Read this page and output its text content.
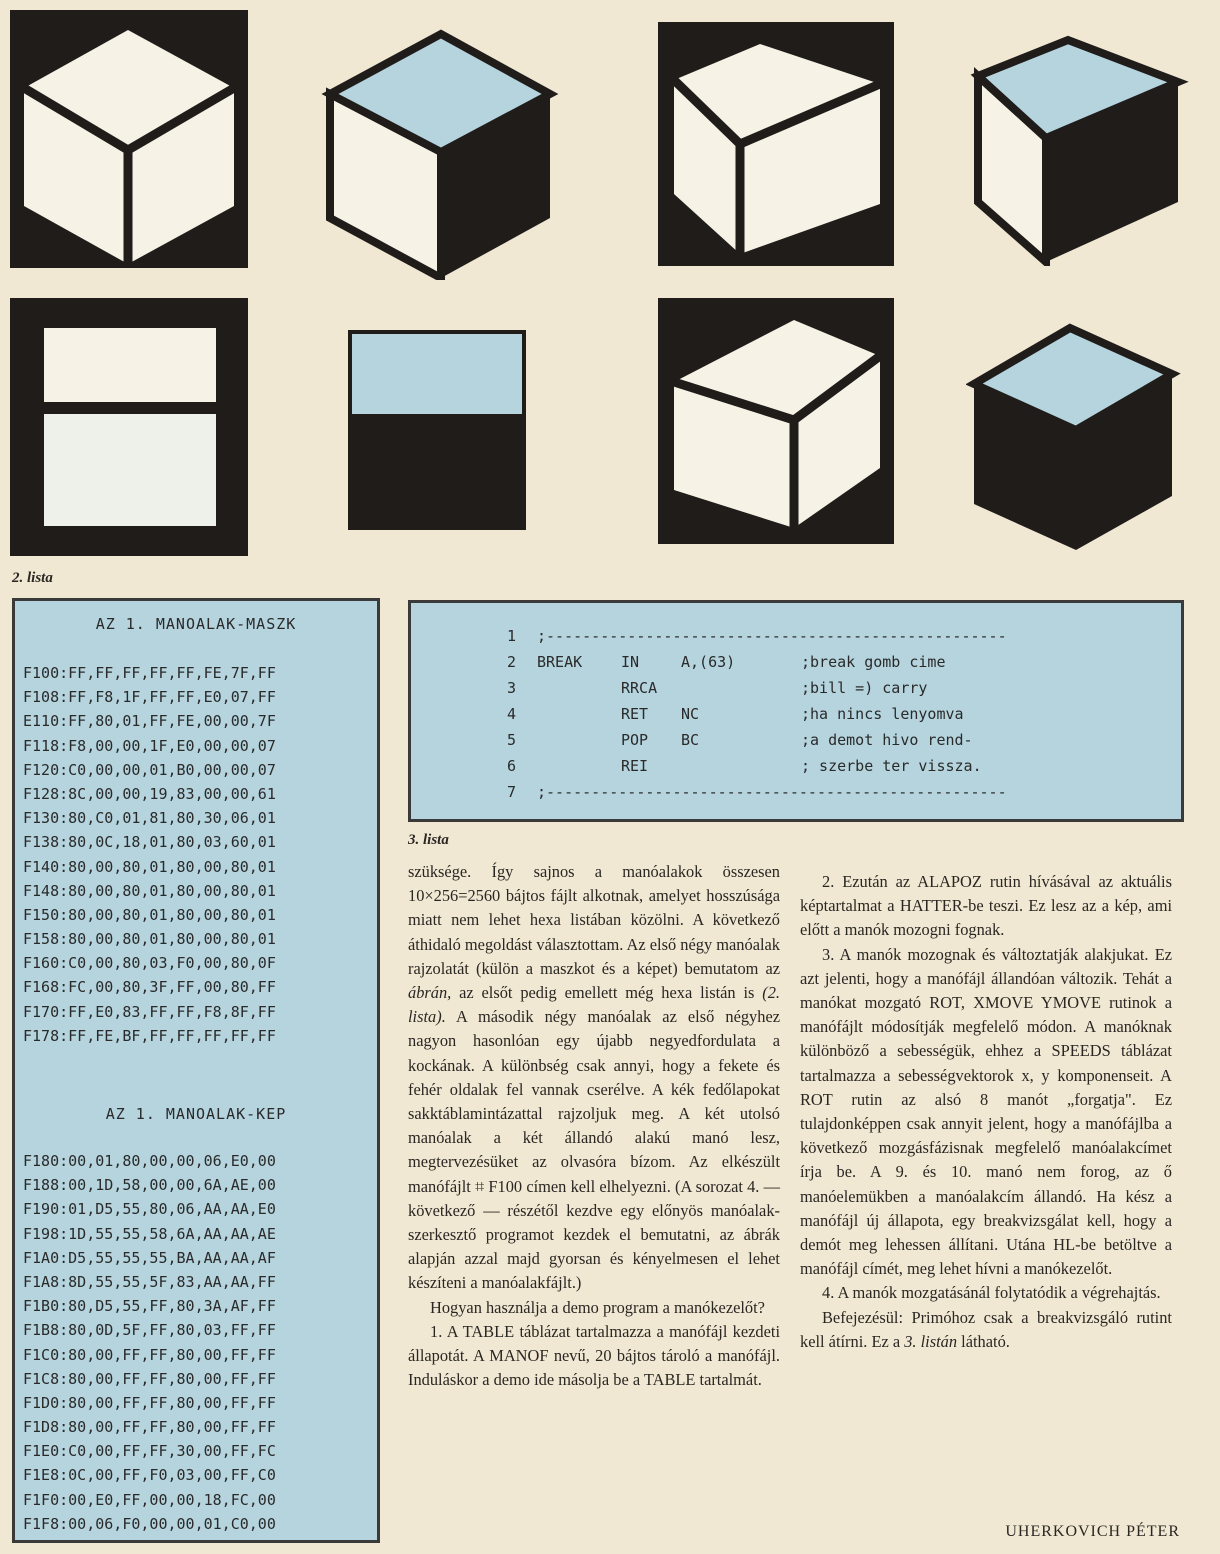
2. lista
AZ 1. MANOALAK-MASZK
F100:FF,FF,FF,FF,FF,FE,7F,FF
F108:FF,F8,1F,FF,FF,E0,07,FF
E110:FF,80,01,FF,FE,00,00,7F
F118:F8,00,00,1F,E0,00,00,07
F120:C0,00,00,01,B0,00,00,07
F128:8C,00,00,19,83,00,00,61
F130:80,C0,01,81,80,30,06,01
F138:80,0C,18,01,80,03,60,01
F140:80,00,80,01,80,00,80,01
F148:80,00,80,01,80,00,80,01
F150:80,00,80,01,80,00,80,01
F158:80,00,80,01,80,00,80,01
F160:C0,00,80,03,F0,00,80,0F
F168:FC,00,80,3F,FF,00,80,FF
F170:FF,E0,83,FF,FF,F8,8F,FF
F178:FF,FE,BF,FF,FF,FF,FF,FF
AZ 1. MANOALAK-KEP
F180:00,01,80,00,00,06,E0,00
F188:00,1D,58,00,00,6A,AE,00
F190:01,D5,55,80,06,AA,AA,E0
F198:1D,55,55,58,6A,AA,AA,AE
F1A0:D5,55,55,55,BA,AA,AA,AF
F1A8:8D,55,55,5F,83,AA,AA,FF
F1B0:80,D5,55,FF,80,3A,AF,FF
F1B8:80,0D,5F,FF,80,03,FF,FF
F1C0:80,00,FF,FF,80,00,FF,FF
F1C8:80,00,FF,FF,80,00,FF,FF
F1D0:80,00,FF,FF,80,00,FF,FF
F1D8:80,00,FF,FF,80,00,FF,FF
F1E0:C0,00,FF,FF,30,00,FF,FC
F1E8:0C,00,FF,F0,03,00,FF,C0
F1F0:00,E0,FF,00,00,18,FC,00
F1F8:00,06,F0,00,00,01,C0,00
1 ;---------------------------------------------------
2 BREAK	IN	A,(63)	;break gomb cime
3	RRCA	;bill =) carry
4	RET NC	;ha nincs lenyomva
5	POP BC	;a demot hivo rend-
6	REI	; szerbe ter vissza.
7 ;---------------------------------------------------
3. lista

szüksége. Így sajnos a manóalakok összesen 10×256=2560 bájtos fájlt alkotnak, amelyet hosszúsága miatt nem lehet hexa listában közölni. A következő áthidaló megoldást választottam. Az első négy manóalak rajzolatát (külön a maszkot és a képet) bemutatom az ábrán, az elsőt pedig emellett még hexa listán is (2. lista). A második négy manóalak az első négyhez nagyon hasonlóan egy újabb negyedfordulata a kockának. A különbség csak annyi, hogy a fekete és fehér oldalak fel vannak cserélve. A kék fedőlapokat sakktáblamintázattal rajzoljuk meg. A két utolsó manóalak a két állandó alakú manó lesz, megtervezésüket az olvasóra bízom. Az elkészült manófájlt ⌗ F100 címen kell elhelyezni. (A sorozat 4. — következő — részétől kezdve egy előnyös manóalak-szerkesztő programot kezdek el bemutatni, az ábrák alapján azzal majd gyorsan és kényelmesen el lehet készíteni a manóalakfájlt.)

Hogyan használja a demo program a manókezelőt?

1. A TABLE táblázat tartalmazza a manófájl kezdeti állapotát. A MANOF nevű, 20 bájtos tároló a manófájl. Induláskor a demo ide másolja be a TABLE tartalmát.

2. Ezután az ALAPOZ rutin hívásával az aktuális képtartalmat a HATTER-be teszi. Ez lesz az a kép, ami előtt a manók mozogni fognak.

3. A manók mozognak és változtatják alakjukat. Ez azt jelenti, hogy a manófájl állandóan változik. Tehát a manókat mozgató ROT, XMOVE YMOVE rutinok a manófájlt módosítják megfelelő módon. A manóknak különböző a sebességük, ehhez a SPEEDS táblázat tartalmazza a sebességvektorok x, y komponenseit. A ROT rutin az alsó 8 manót „forgatja". Ez tulajdonképpen csak annyit jelent, hogy a manófájlba a következő mozgásfázisnak megfelelő manóalakcímet írja be. A 9. és 10. manó nem forog, az ő manóelemükben a manóalakcím állandó. Ha kész a manófájl új állapota, egy breakvizsgálat kell, hogy a demót meg lehessen állítani. Utána HL-be betöltve a manófájl címét, meg lehet hívni a manókezelőt.

4. A manók mozgatásánál folytatódik a végrehajtás.

Befejezésül: Primóhoz csak a breakvizsgáló rutint kell átírni. Ez a 3. listán látható.

UHERKOVICH PÉTER
